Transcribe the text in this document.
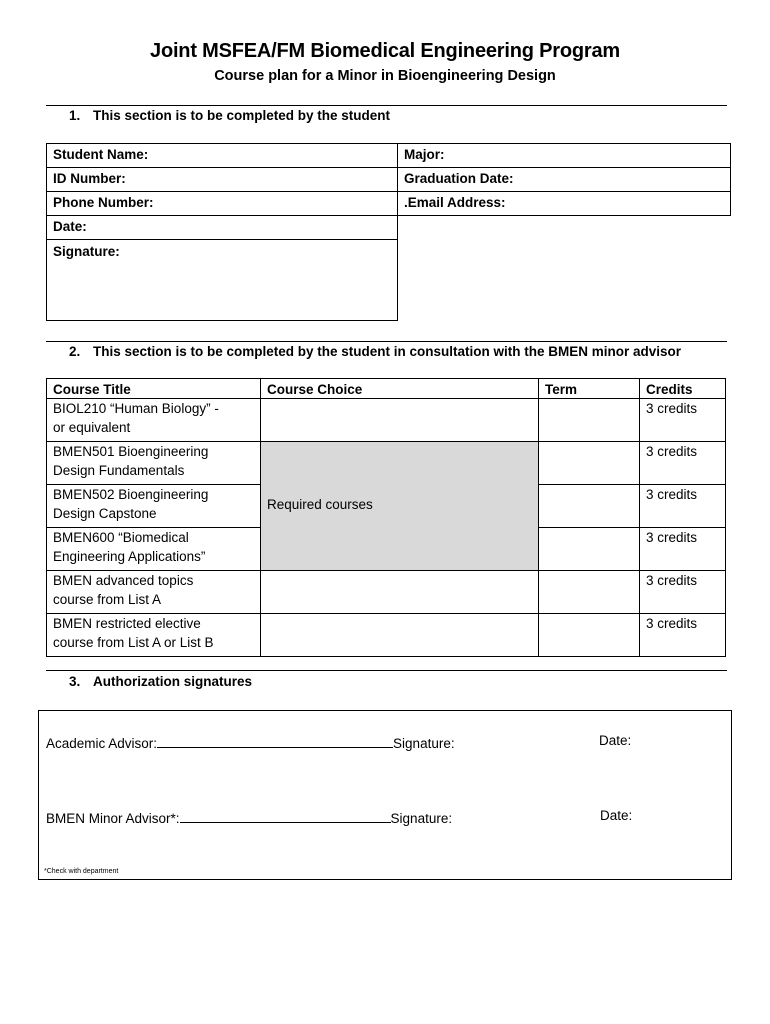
Joint MSFEA/FM Biomedical Engineering Program
Course plan for a Minor in Bioengineering Design
1. This section is to be completed by the student
Student Name:	Major:
ID Number:	Graduation Date:
Phone Number:	.Email Address:
Date:
Signature:
2. This section is to be completed by the student in consultation with the BMEN minor advisor
Course Title	Course Choice	Term	Credits
BIOL210 “Human Biology” -
or equivalent			3 credits
BMEN501 Bioengineering
Design Fundamentals	Required courses		3 credits
BMEN502 Bioengineering
Design Capstone			3 credits
BMEN600 “Biomedical
Engineering Applications”			3 credits
BMEN advanced topics
course from List A			3 credits
BMEN restricted elective
course from List A or List B			3 credits
3. Authorization signatures
Academic Advisor:	Signature:	Date:
BMEN Minor Advisor*:	Signature:	Date:
*Check with department
